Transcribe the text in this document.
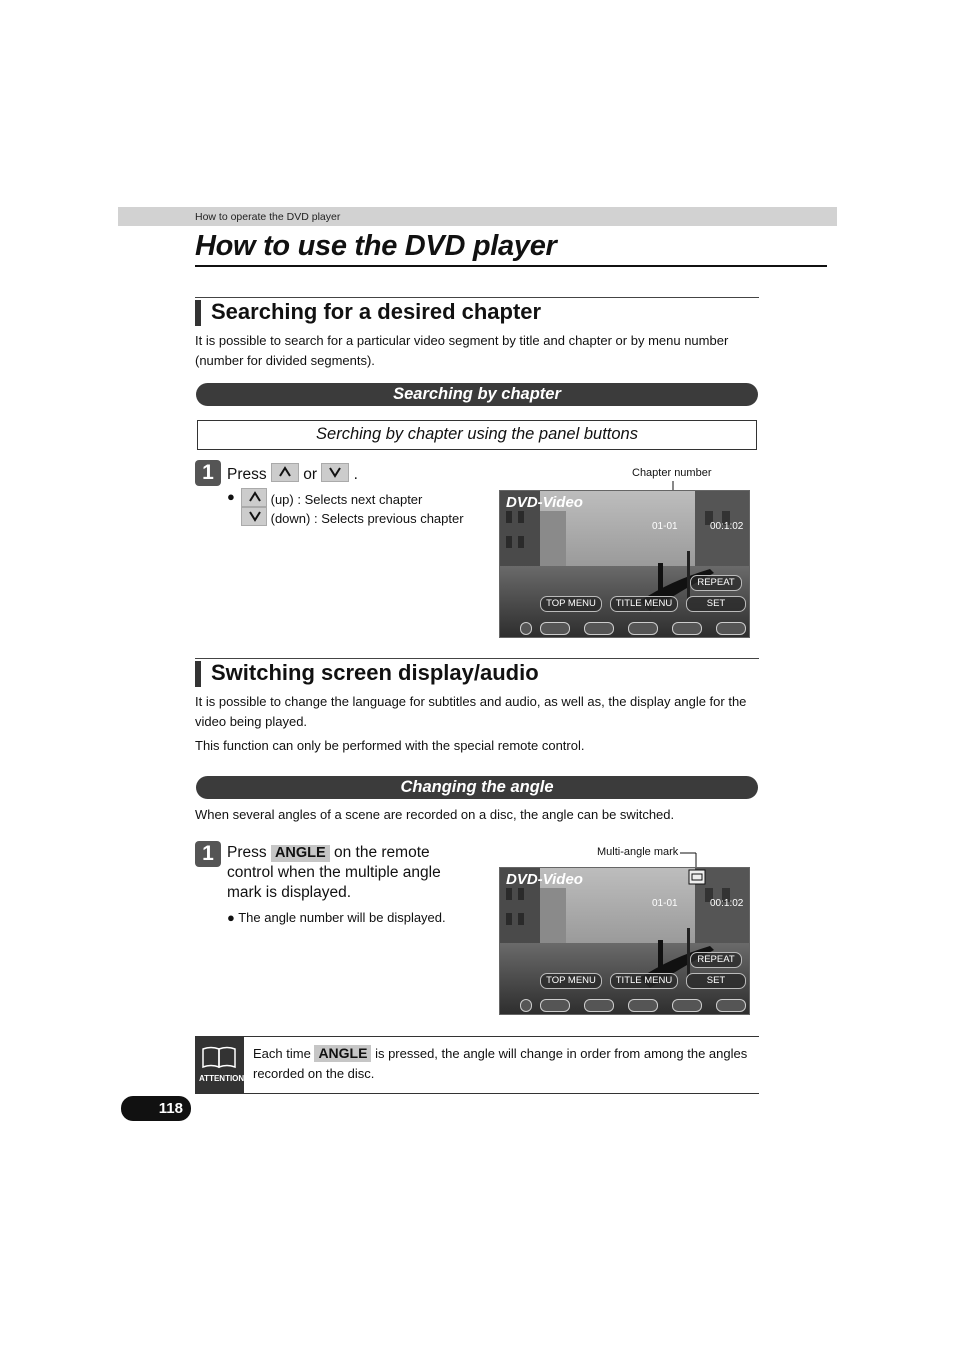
How to operate the DVD player
How to use the DVD player
Searching for a desired chapter
It is possible to search for a particular video segment by title and chapter or by menu number (number for divided segments).
Searching by chapter
Serching by chapter using the panel buttons
1 Press or .
●	(up) : Selects next chapter
(down) : Selects previous chapter
Chapter number
DVD-Video
01-01	00:1:02
REPEAT
TOP MENU	TITLE MENU	SET
Switching screen display/audio
It is possible to change the language for subtitles and audio, as well as, the display angle for the video being played.
This function can only be performed with the special remote control.
Changing the angle
When several angles of a scene are recorded on a disc, the angle can be switched.
1 Press ANGLE on the remote control when the multiple angle mark is displayed.
● The angle number will be displayed.
Multi-angle mark
DVD-Video
01-01	00:1:02
REPEAT
TOP MENU	TITLE MENU	SET
ATTENTION
Each time ANGLE is pressed, the angle will change in order from among the angles recorded on the disc.
118
